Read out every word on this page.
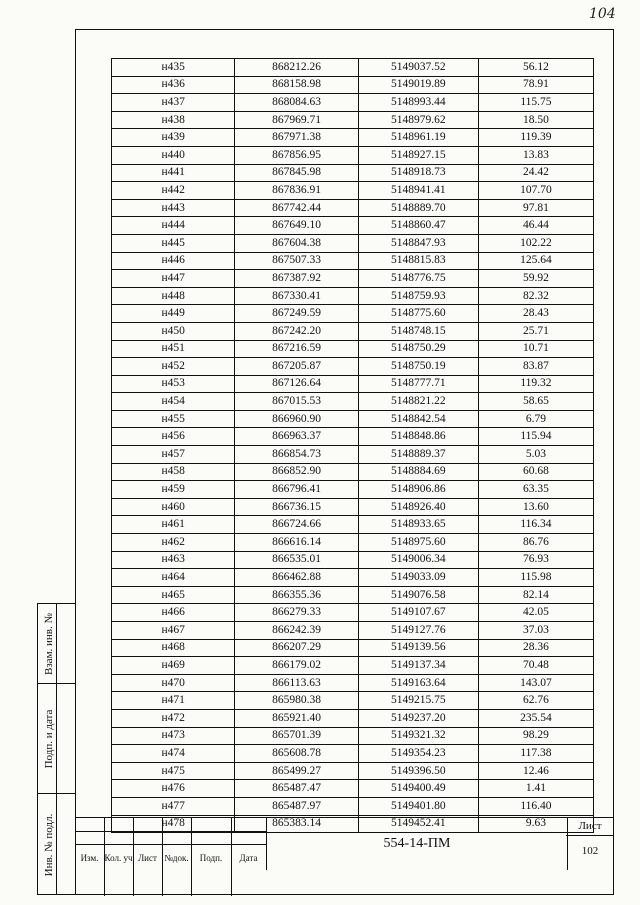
104
Взам. инв. №
Подп. и дата
Инв. № подл.
н435	868212.26	5149037.52	56.12
н436	868158.98	5149019.89	78.91
н437	868084.63	5148993.44	115.75
н438	867969.71	5148979.62	18.50
н439	867971.38	5148961.19	119.39
н440	867856.95	5148927.15	13.83
н441	867845.98	5148918.73	24.42
н442	867836.91	5148941.41	107.70
н443	867742.44	5148889.70	97.81
н444	867649.10	5148860.47	46.44
н445	867604.38	5148847.93	102.22
н446	867507.33	5148815.83	125.64
н447	867387.92	5148776.75	59.92
н448	867330.41	5148759.93	82.32
н449	867249.59	5148775.60	28.43
н450	867242.20	5148748.15	25.71
н451	867216.59	5148750.29	10.71
н452	867205.87	5148750.19	83.87
н453	867126.64	5148777.71	119.32
н454	867015.53	5148821.22	58.65
н455	866960.90	5148842.54	6.79
н456	866963.37	5148848.86	115.94
н457	866854.73	5148889.37	5.03
н458	866852.90	5148884.69	60.68
н459	866796.41	5148906.86	63.35
н460	866736.15	5148926.40	13.60
н461	866724.66	5148933.65	116.34
н462	866616.14	5148975.60	86.76
н463	866535.01	5149006.34	76.93
н464	866462.88	5149033.09	115.98
н465	866355.36	5149076.58	82.14
н466	866279.33	5149107.67	42.05
н467	866242.39	5149127.76	37.03
н468	866207.29	5149139.56	28.36
н469	866179.02	5149137.34	70.48
н470	866113.63	5149163.64	143.07
н471	865980.38	5149215.75	62.76
н472	865921.40	5149237.20	235.54
н473	865701.39	5149321.32	98.29
н474	865608.78	5149354.23	117.38
н475	865499.27	5149396.50	12.46
н476	865487.47	5149400.49	1.41
н477	865487.97	5149401.80	116.40
н478	865383.14	5149452.41	9.63
Изм. Кол. уч Лист №док.	Подп.	Дата
554-14-ПМ
Лист
102
